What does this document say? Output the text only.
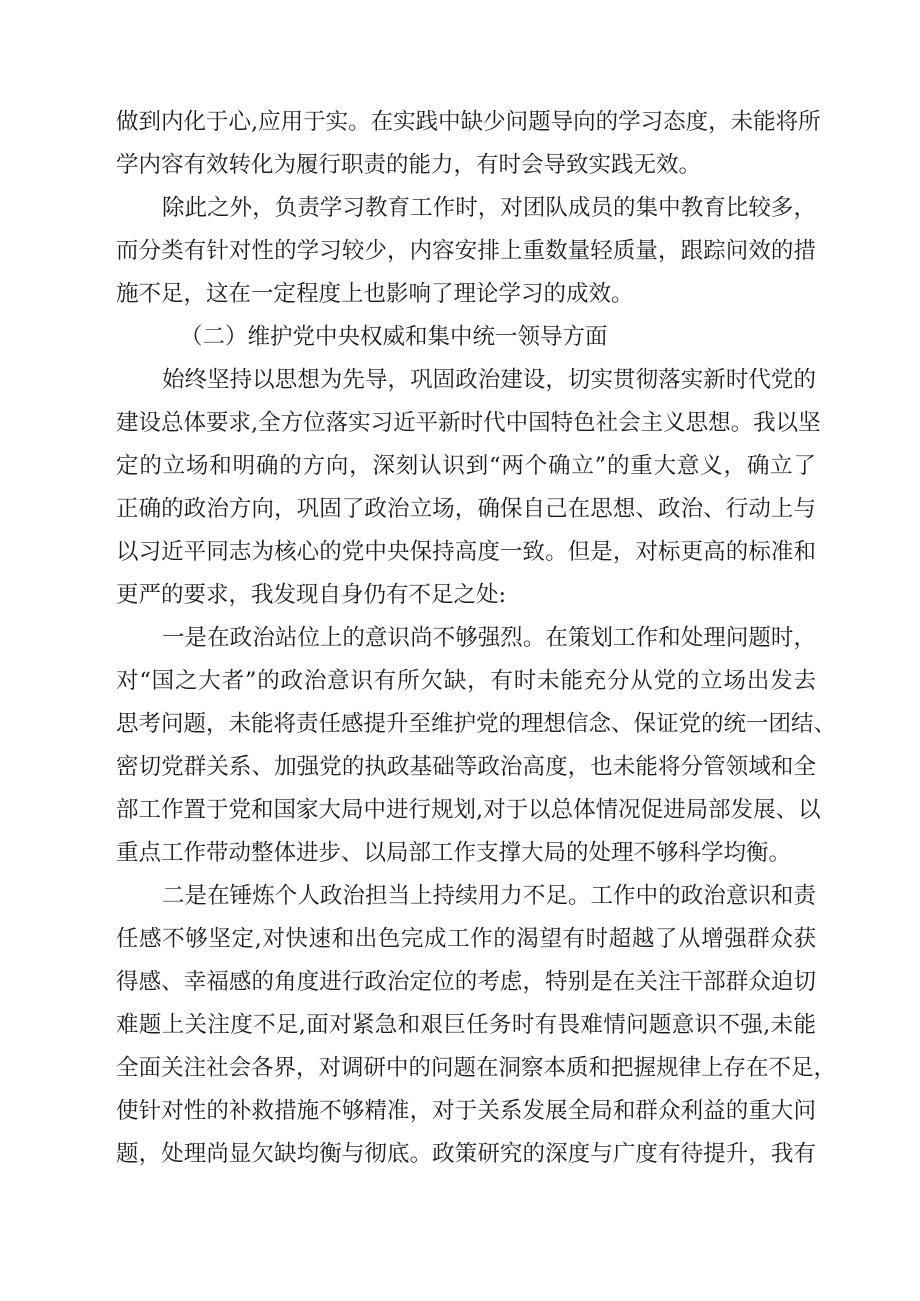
做到内化于心,应用于实。在实践中缺少问题导向的学习态度，未能将所
学内容有效转化为履行职责的能力，有时会导致实践无效。
除此之外，负责学习教育工作时，对团队成员的集中教育比较多，
而分类有针对性的学习较少，内容安排上重数量轻质量，跟踪问效的措
施不足，这在一定程度上也影响了理论学习的成效。
（二）维护党中央权威和集中统一领导方面
始终坚持以思想为先导，巩固政治建设，切实贯彻落实新时代党的
建设总体要求,全方位落实习近平新时代中国特色社会主义思想。我以坚
定的立场和明确的方向，深刻认识到“两个确立”的重大意义，确立了
正确的政治方向，巩固了政治立场，确保自己在思想、政治、行动上与
以习近平同志为核心的党中央保持高度一致。但是，对标更高的标准和
更严的要求，我发现自身仍有不足之处:
一是在政治站位上的意识尚不够强烈。在策划工作和处理问题时，
对“国之大者”的政治意识有所欠缺，有时未能充分从党的立场出发去
思考问题，未能将责任感提升至维护党的理想信念、保证党的统一团结、
密切党群关系、加强党的执政基础等政治高度，也未能将分管领域和全
部工作置于党和国家大局中进行规划,对于以总体情况促进局部发展、以
重点工作带动整体进步、以局部工作支撑大局的处理不够科学均衡。
二是在锤炼个人政治担当上持续用力不足。工作中的政治意识和责
任感不够坚定,对快速和出色完成工作的渴望有时超越了从增强群众获
得感、幸福感的角度进行政治定位的考虑，特别是在关注干部群众迫切
难题上关注度不足,面对紧急和艰巨任务时有畏难情问题意识不强,未能
全面关注社会各界，对调研中的问题在洞察本质和把握规律上存在不足，
使针对性的补救措施不够精准，对于关系发展全局和群众利益的重大问
题，处理尚显欠缺均衡与彻底。政策研究的深度与广度有待提升，我有
